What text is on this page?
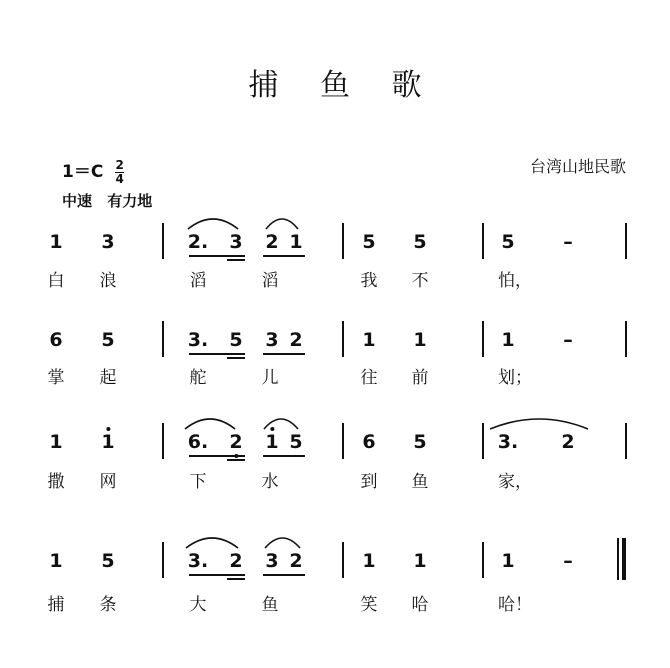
捕 鱼 歌
$1=C \frac{2}{4}$
中速 有力地
台湾山地民歌
1 3	2. 3 2 1	5 5	5	–
白 浪	滔	滔	我 不	怕，
6 5	3. 5 3 2	1 1	1	–
掌 起	舵	儿	往 前	划；
1 1	6. 2 1 5	6 5	3. 2
撒 网	下	水	到 鱼	家，
1 5	3. 2 3 2	1 1	1	–
捕 条	大	鱼	笑 哈	哈！
